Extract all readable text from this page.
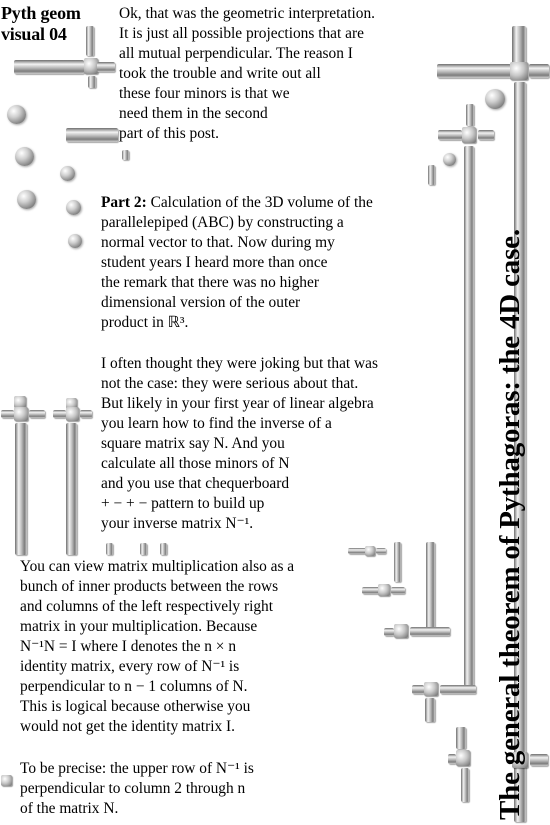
Pyth geom
visual 04
The general theorem of Pythagoras: the 4D case.
Ok, that was the geometric interpretation.
It is just all possible projections that are
all mutual perpendicular. The reason I
took the trouble and write out all
these four minors is that we
need them in the second
part of this post.
Part 2: Calculation of the 3D volume of the
parallelepiped (ABC) by constructing a
normal vector to that. Now during my
student years I heard more than once
the remark that there was no higher
dimensional version of the outer
product in ℝ³.
I often thought they were joking but that was
not the case: they were serious about that.
But likely in your first year of linear algebra
you learn how to find the inverse of a
square matrix say N. And you
calculate all those minors of N
and you use that chequerboard
+ − + − pattern to build up
your inverse matrix N⁻¹.
You can view matrix multiplication also as a
bunch of inner products between the rows
and columns of the left respectively right
matrix in your multiplication. Because
N⁻¹N = I where I denotes the n × n
identity matrix, every row of N⁻¹ is
perpendicular to n − 1 columns of N.
This is logical because otherwise you
would not get the identity matrix I.
To be precise: the upper row of N⁻¹ is
perpendicular to column 2 through n
of the matrix N.
